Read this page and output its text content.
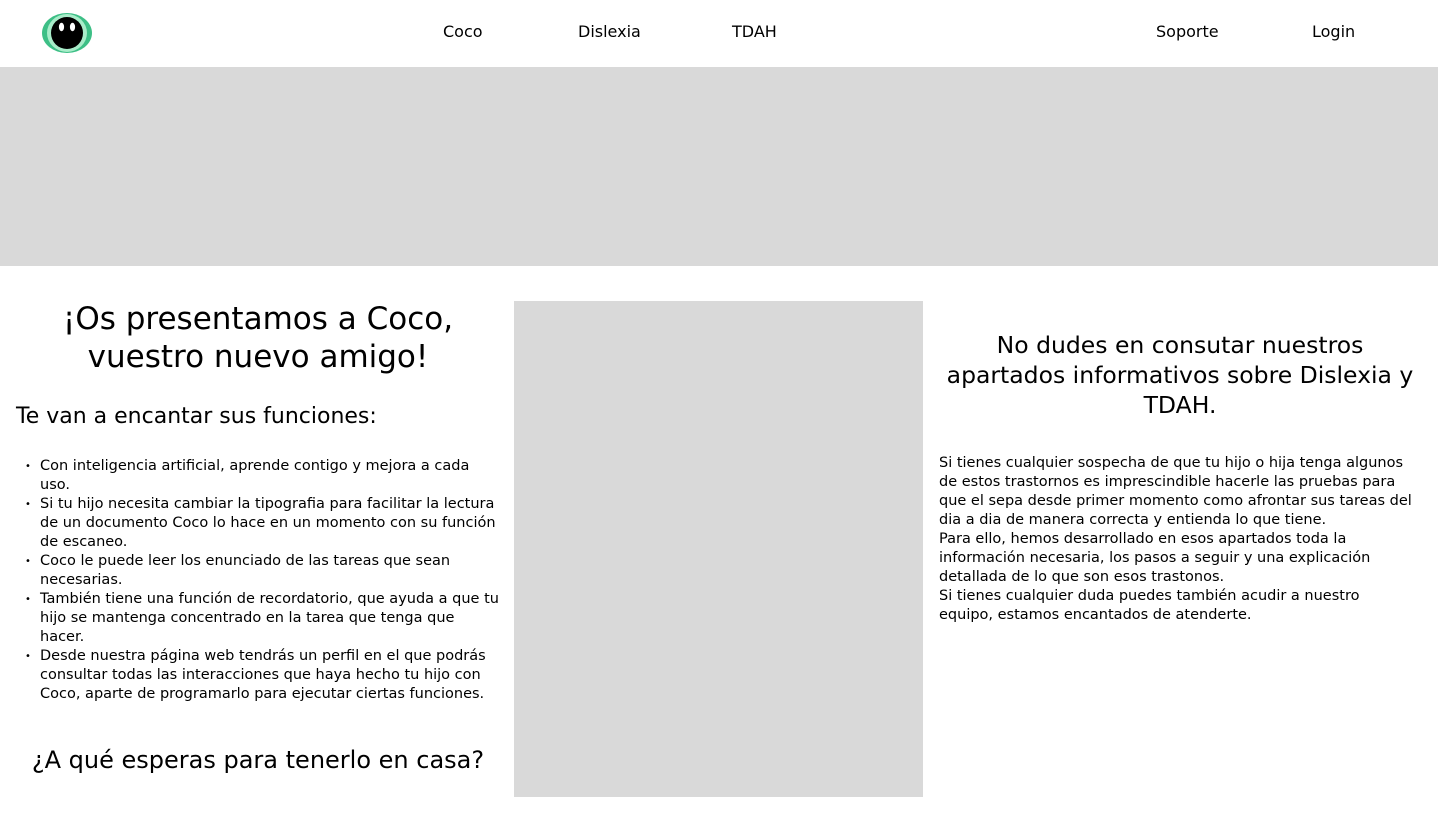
Coco	Dislexia	TDAH	Soporte	Login
¡Os presentamos a Coco, vuestro nuevo amigo!
Te van a encantar sus funciones:
• Con inteligencia artificial, aprende contigo y mejora a cada uso.
• Si tu hijo necesita cambiar la tipografia para facilitar la lectura de un documento Coco lo hace en un momento con su función de escaneo.
• Coco le puede leer los enunciado de las tareas que sean necesarias.
• También tiene una función de recordatorio, que ayuda a que tu hijo se mantenga concentrado en la tarea que tenga que hacer.
• Desde nuestra página web tendrás un perfil en el que podrás consultar todas las interacciones que haya hecho tu hijo con Coco, aparte de programarlo para ejecutar ciertas funciones.
¿A qué esperas para tenerlo en casa?
No dudes en consutar nuestros apartados informativos sobre Dislexia y TDAH.

Si tienes cualquier sospecha de que tu hijo o hija tenga algunos de estos trastornos es imprescindible hacerle las pruebas para que el sepa desde primer momento como afrontar sus tareas del dia a dia de manera correcta y entienda lo que tiene.

Para ello, hemos desarrollado en esos apartados toda la información necesaria, los pasos a seguir y una explicación detallada de lo que son esos trastonos.

Si tienes cualquier duda puedes también acudir a nuestro equipo, estamos encantados de atenderte.
